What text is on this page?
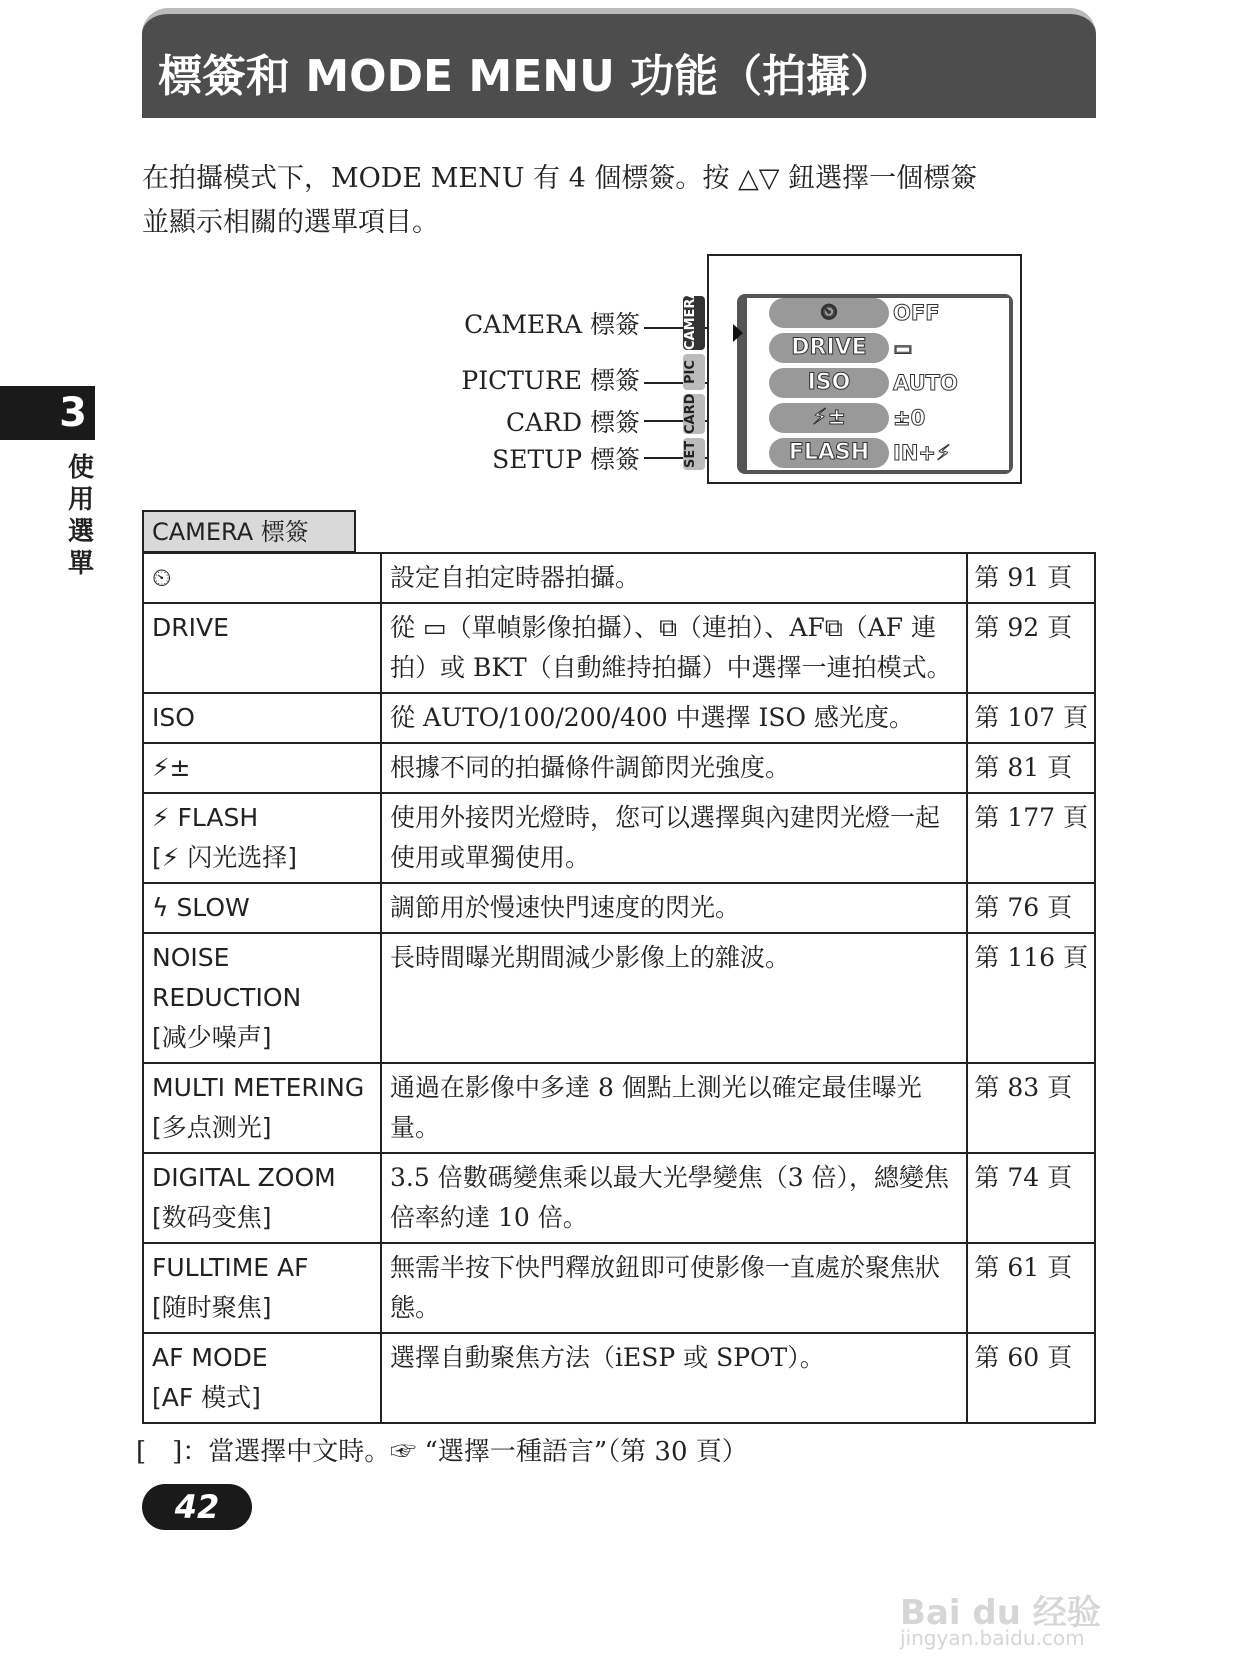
標簽和 MODE MENU 功能（拍攝）
3
使用選單
在拍攝模式下，MODE MENU 有 4 個標簽。按 △▽ 鈕選擇一個標簽
並顯示相關的選單項目。
CAMERA 標簽
PICTURE 標簽
CARD 標簽
SETUP 標簽
CAMERA
PIC
CARD
SET
⏲	OFF
DRIVE	▭
ISO	AUTO
⚡±	±0
FLASH	IN+⚡
CAMERA 標簽
⏲	設定自拍定時器拍攝。	第 91 頁

DRIVE	從 ▭（單幀影像拍攝）、⧉（連拍）、AF⧉（AF 連拍）或 BKT（自動維持拍攝）中選擇一連拍模式。	第 92 頁

ISO	從 AUTO/100/200/400 中選擇 ISO 感光度。	第 107 頁

⚡±	根據不同的拍攝條件調節閃光強度。	第 81 頁

⚡ FLASH
[⚡ 闪光选择]	使用外接閃光燈時，您可以選擇與內建閃光燈一起使用或單獨使用。	第 177 頁

ϟ SLOW	調節用於慢速快門速度的閃光。	第 76 頁

NOISE REDUCTION
[减少噪声]	長時間曝光期間減少影像上的雜波。	第 116 頁

MULTI METERING
[多点测光]	通過在影像中多達 8 個點上測光以確定最佳曝光量。	第 83 頁

DIGITAL ZOOM
[数码变焦]	3.5 倍數碼變焦乘以最大光學變焦（3 倍），總變焦倍率約達 10 倍。	第 74 頁

FULLTIME AF
[随时聚焦]	無需半按下快門釋放鈕即可使影像一直處於聚焦狀態。	第 61 頁

AF MODE
[AF 模式]	選擇自動聚焦方法（iESP 或 SPOT）。	第 60 頁
[　]：當選擇中文時。☞ “選擇一種語言”（第 30 頁）
42
Bai du 经验
jingyan.baidu.com
